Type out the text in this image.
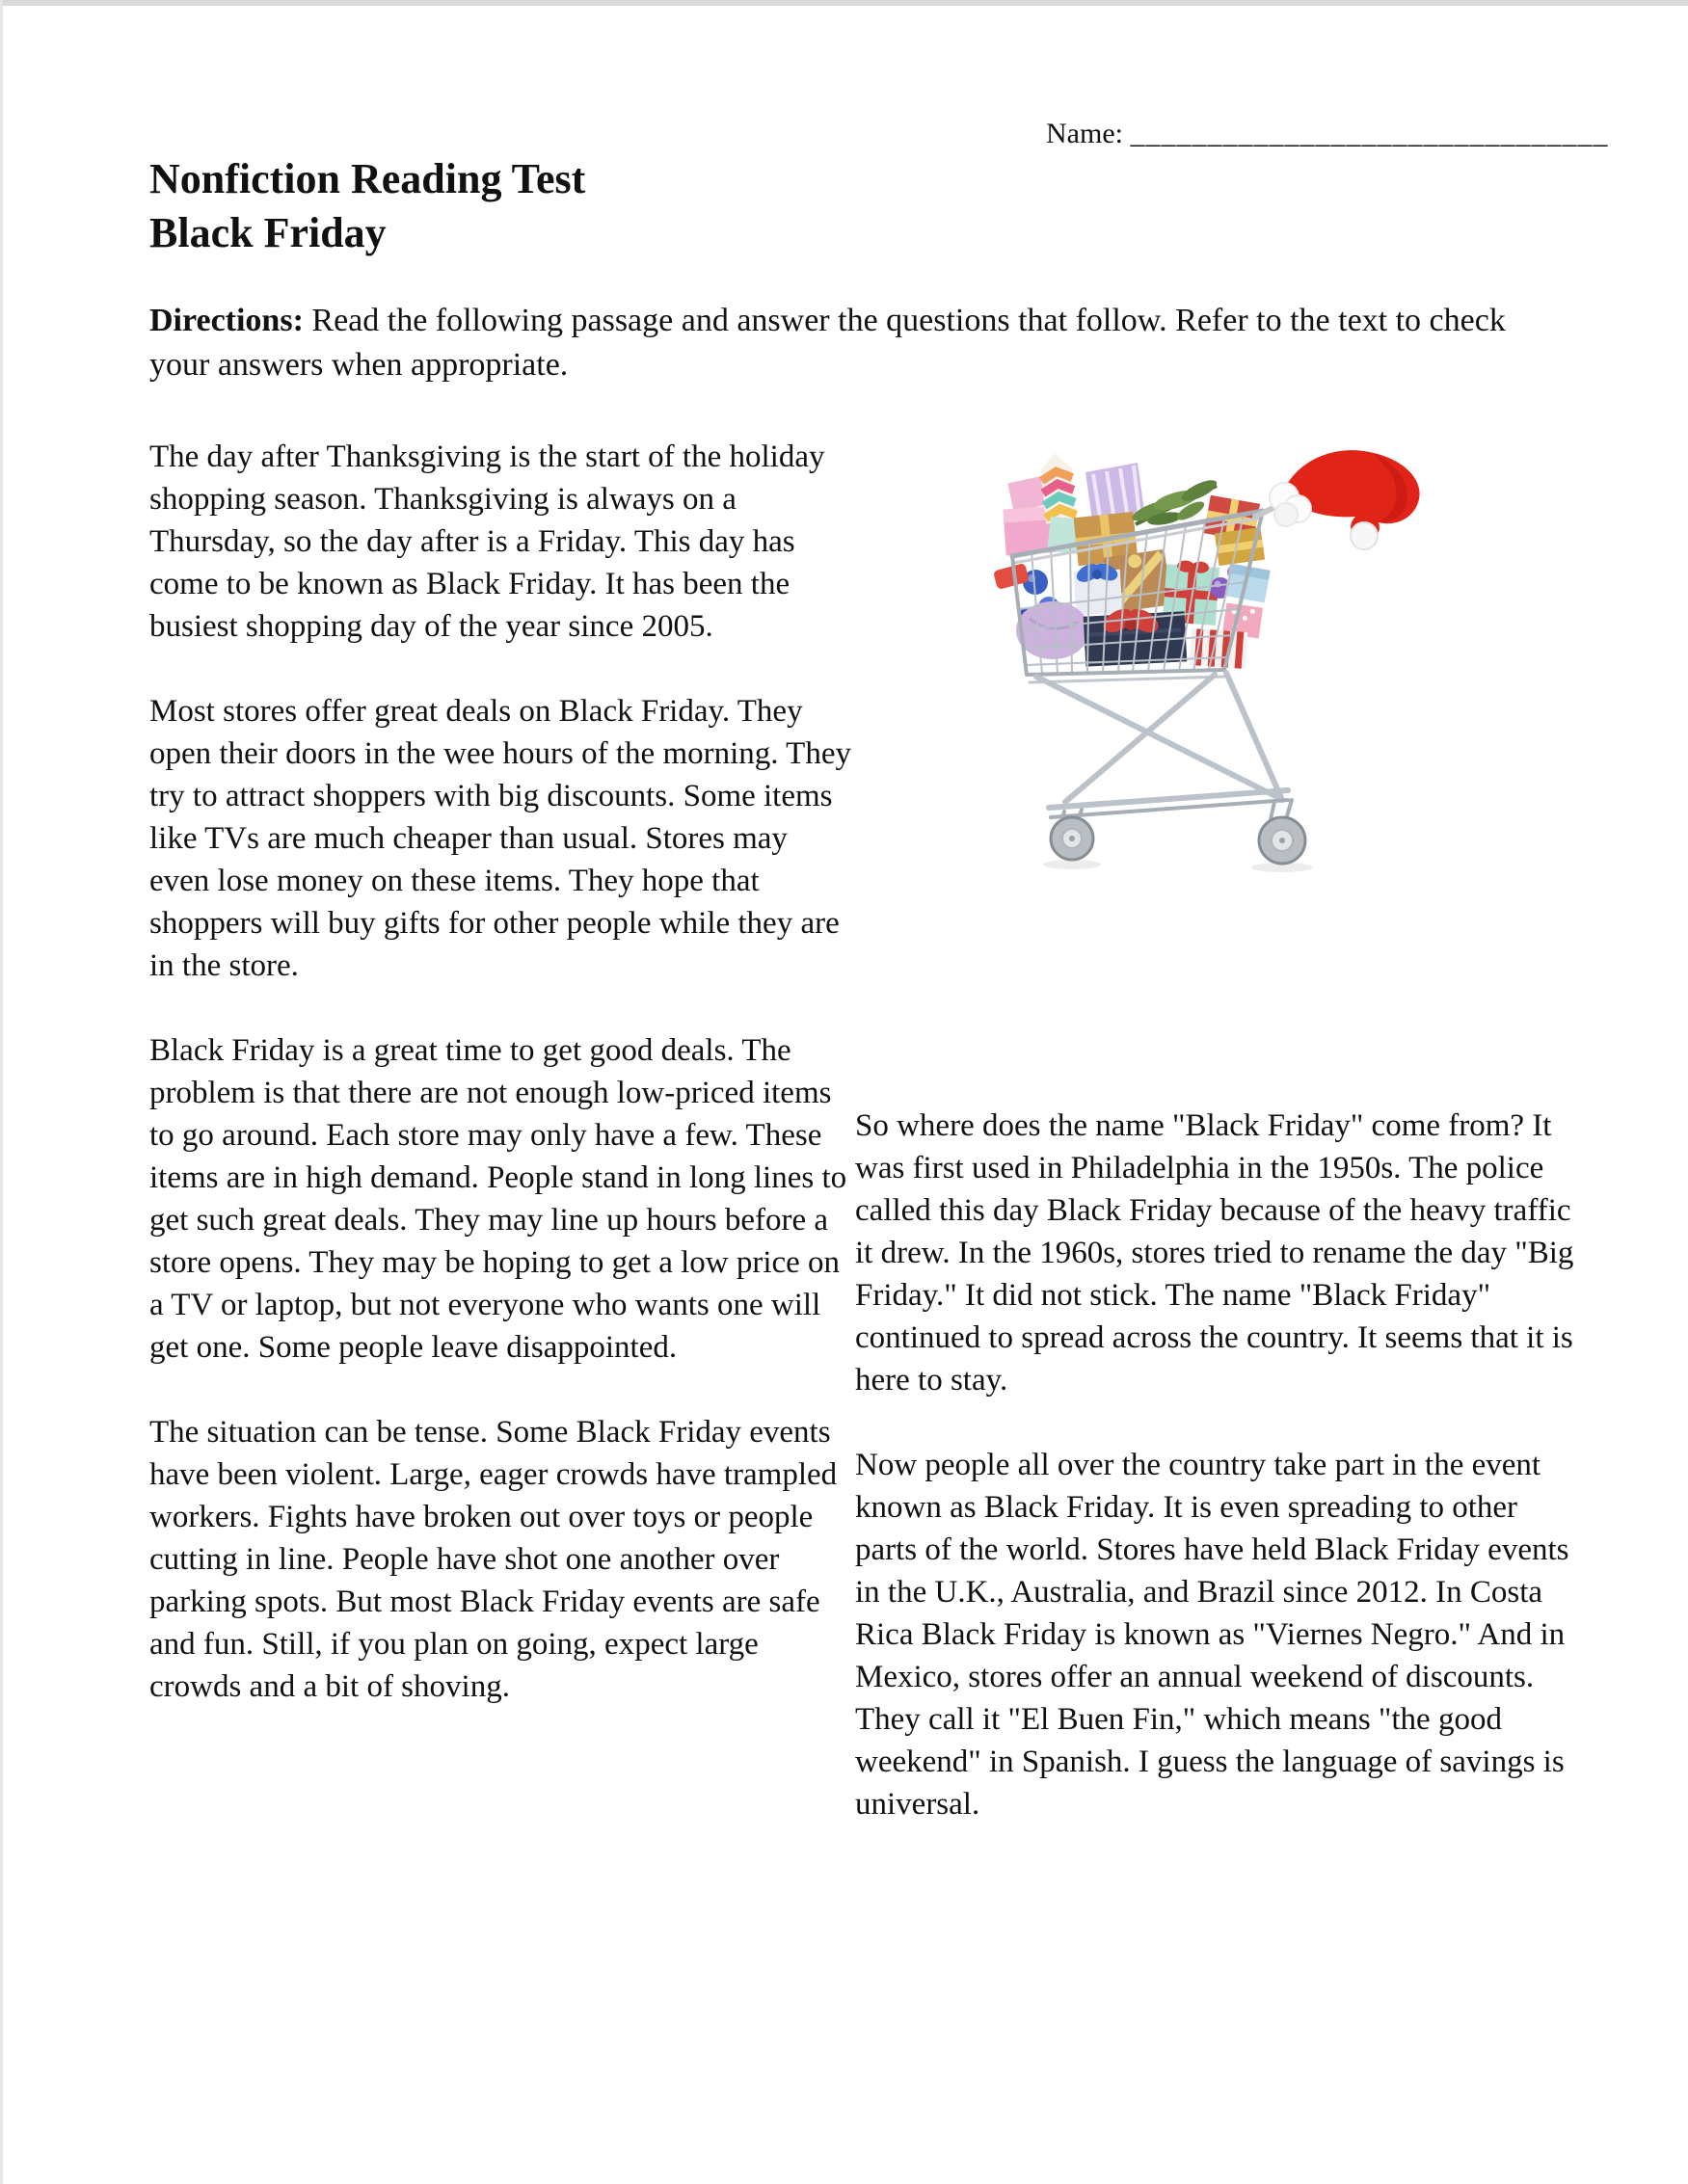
Name: _______________________________
Nonfiction Reading Test
Black Friday
Directions: Read the following passage and answer the questions that follow. Refer to the text to check your answers when appropriate.

The day after Thanksgiving is the start of the holiday shopping season. Thanksgiving is always on a Thursday, so the day after is a Friday. This day has come to be known as Black Friday. It has been the busiest shopping day of the year since 2005.

Most stores offer great deals on Black Friday. They open their doors in the wee hours of the morning. They try to attract shoppers with big discounts. Some items like TVs are much cheaper than usual. Stores may even lose money on these items. They hope that shoppers will buy gifts for other people while they are in the store.

Black Friday is a great time to get good deals. The problem is that there are not enough low-priced items to go around. Each store may only have a few. These items are in high demand. People stand in long lines to get such great deals. They may line up hours before a store opens. They may be hoping to get a low price on a TV or laptop, but not everyone who wants one will get one. Some people leave disappointed.

The situation can be tense. Some Black Friday events have been violent. Large, eager crowds have trampled workers. Fights have broken out over toys or people cutting in line. People have shot one another over parking spots. But most Black Friday events are safe and fun. Still, if you plan on going, expect large crowds and a bit of shoving.

So where does the name "Black Friday" come from? It was first used in Philadelphia in the 1950s. The police called this day Black Friday because of the heavy traffic it drew. In the 1960s, stores tried to rename the day "Big Friday." It did not stick. The name "Black Friday" continued to spread across the country. It seems that it is here to stay.

Now people all over the country take part in the event known as Black Friday. It is even spreading to other parts of the world. Stores have held Black Friday events in the U.K., Australia, and Brazil since 2012. In Costa Rica Black Friday is known as "Viernes Negro." And in Mexico, stores offer an annual weekend of discounts. They call it "El Buen Fin," which means "the good weekend" in Spanish. I guess the language of savings is universal.
